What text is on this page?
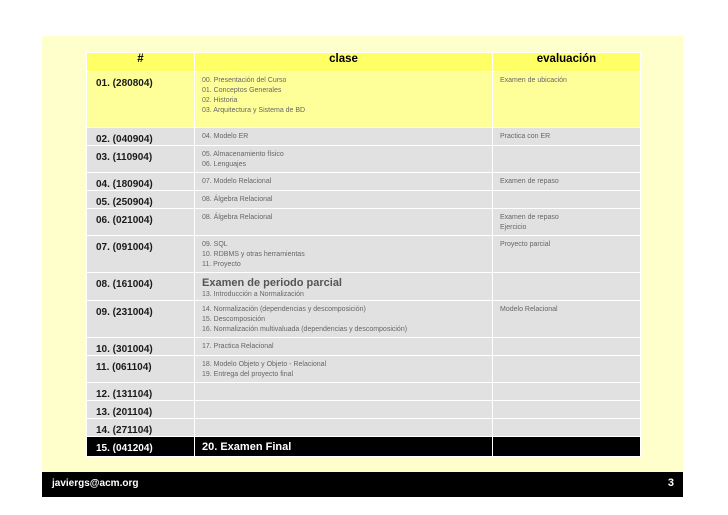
#	clase	evaluación
01. (280804)	00. Presentación del Curso
01. Conceptos Generales
02. Historia
03. Arquitectura y Sistema de BD	Examen de ubicación

02. (040904)	04. Modelo ER	Practica con ER

03. (110904)	05. Almacenamiento físico
06. Lenguajes	

04. (180904)	07. Modelo Relacional	Examen de repaso

05. (250904)	08. Álgebra Relacional	

06. (021004)	08. Álgebra Relacional	Examen de repaso
Ejercicio

07. (091004)	09. SQL
10. RDBMS y otras herramientas
11. Proyecto	Proyecto parcial

08. (161004)	Examen de periodo parcial
13. Introducción a Normalización	

09. (231004)	14. Normalización (dependencias y descomposición)
15. Descomposición
16. Normalización multivaluada (dependencias y descomposición)	Modelo Relacional

10. (301004)	17. Practica Relacional	

11. (061104)	18. Modelo Objeto y Objeto - Relacional
19. Entrega del proyecto final	

12. (131104)		
13. (201104)		
14. (271104)		
15. (041204)	20. Examen Final	

javiergs@acm.org	3
